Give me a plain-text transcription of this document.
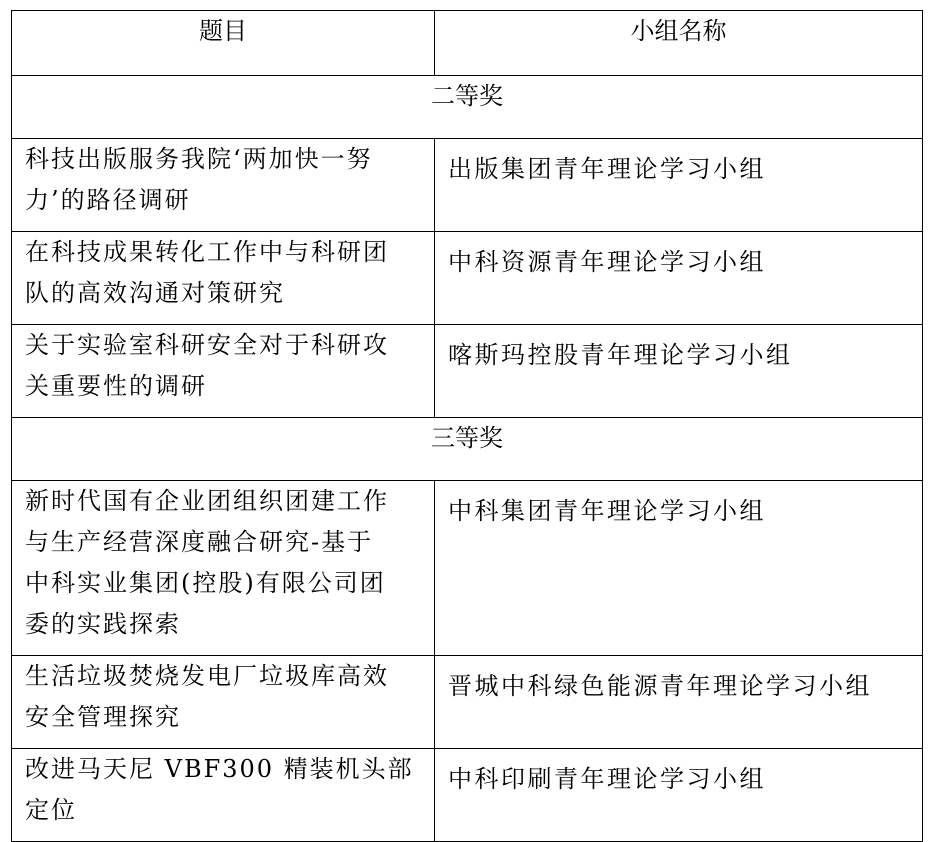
题目	小组名称
二等奖	

科技出版服务我院‘两加快一努
力’的路径调研	出版集团青年理论学习小组

在科技成果转化工作中与科研团
队的高效沟通对策研究	中科资源青年理论学习小组

关于实验室科研安全对于科研攻
关重要性的调研	喀斯玛控股青年理论学习小组
三等奖	

新时代国有企业团组织团建工作
与生产经营深度融合研究-基于
中科实业集团(控股)有限公司团
委的实践探索	中科集团青年理论学习小组

生活垃圾焚烧发电厂垃圾库高效
安全管理探究	晋城中科绿色能源青年理论学习小组

改进马天尼 VBF300 精装机头部
定位	中科印刷青年理论学习小组
